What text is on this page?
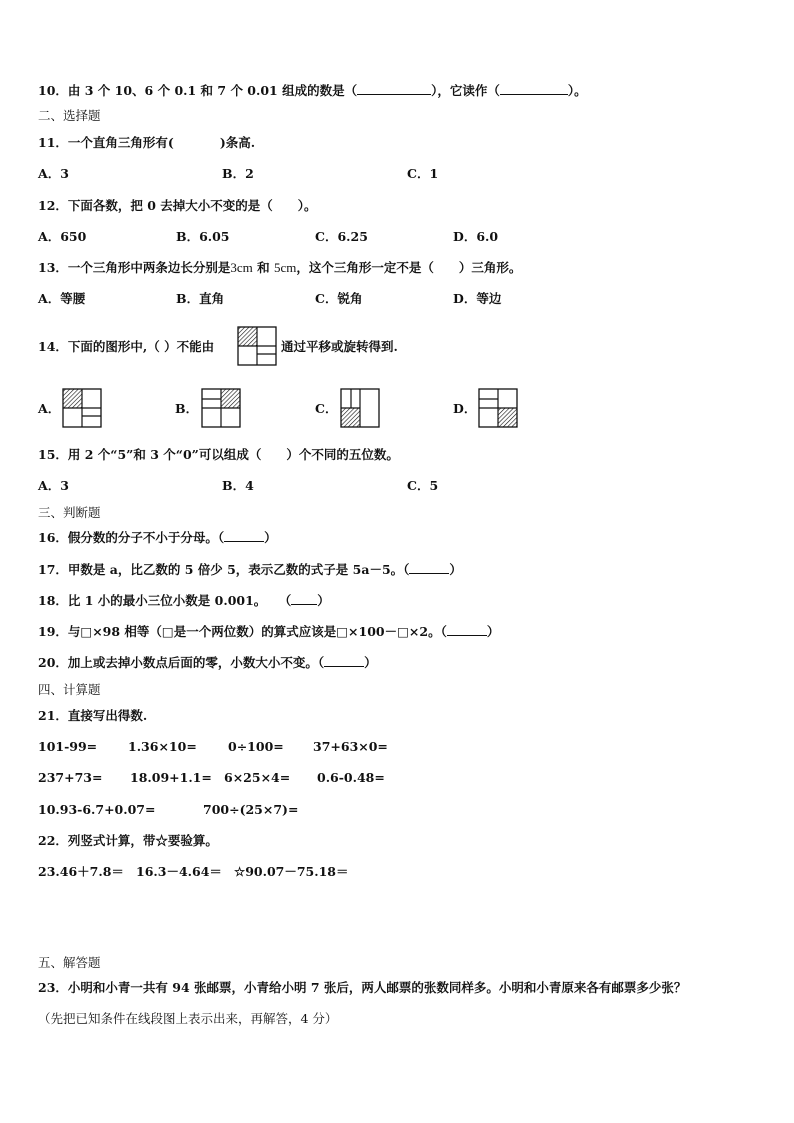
10．由 3 个 10、6 个 0.1 和 7 个 0.01 组成的数是（	），它读作（	）。
二、选择题
11．一个直角三角形有(	)条高.
A．3	B．2	C．1
12．下面各数，把 0 去掉大小不变的是（　　）。
A．650	B．6.05	C．6.25	D．6.0
13．一个三角形中两条边长分别是3cm 和 5cm，这个三角形一定不是（　　）三角形。
A．等腰	B．直角	C．锐角	D．等边
14．下面的图形中,（ ）不能由	通过平移或旋转得到.
A．	B．	C．	D．
15．用 2 个“5”和 3 个“0”可以组成（　　）个不同的五位数。
A．3	B．4	C．5
三、判断题
16．假分数的分子不小于分母。（	）
17．甲数是 a，比乙数的 5 倍少 5，表示乙数的式子是 5a－5。（	）
18．比 1 小的最小三位小数是 0.001。　　（ ）
19．与□×98 相等（□是一个两位数）的算式应该是□×100－□×2。（	）
20．加上或去掉小数点后面的零，小数大小不变。（	）
四、计算题
21．直接写出得数.
101-99= 1.36×10= 0÷100= 37+63×0=
237+73= 18.09+1.1= 6×25×4= 0.6-0.48=
10.93-6.7+0.07=	700÷(25×7)=
22．列竖式计算，带☆要验算。
23.46＋7.8＝ 16.3－4.64＝ ☆90.07－75.18＝
五、解答题
23．小明和小青一共有 94 张邮票，小青给小明 7 张后，两人邮票的张数同样多。小明和小青原来各有邮票多少张？
（先把已知条件在线段图上表示出来，再解答，4 分）
